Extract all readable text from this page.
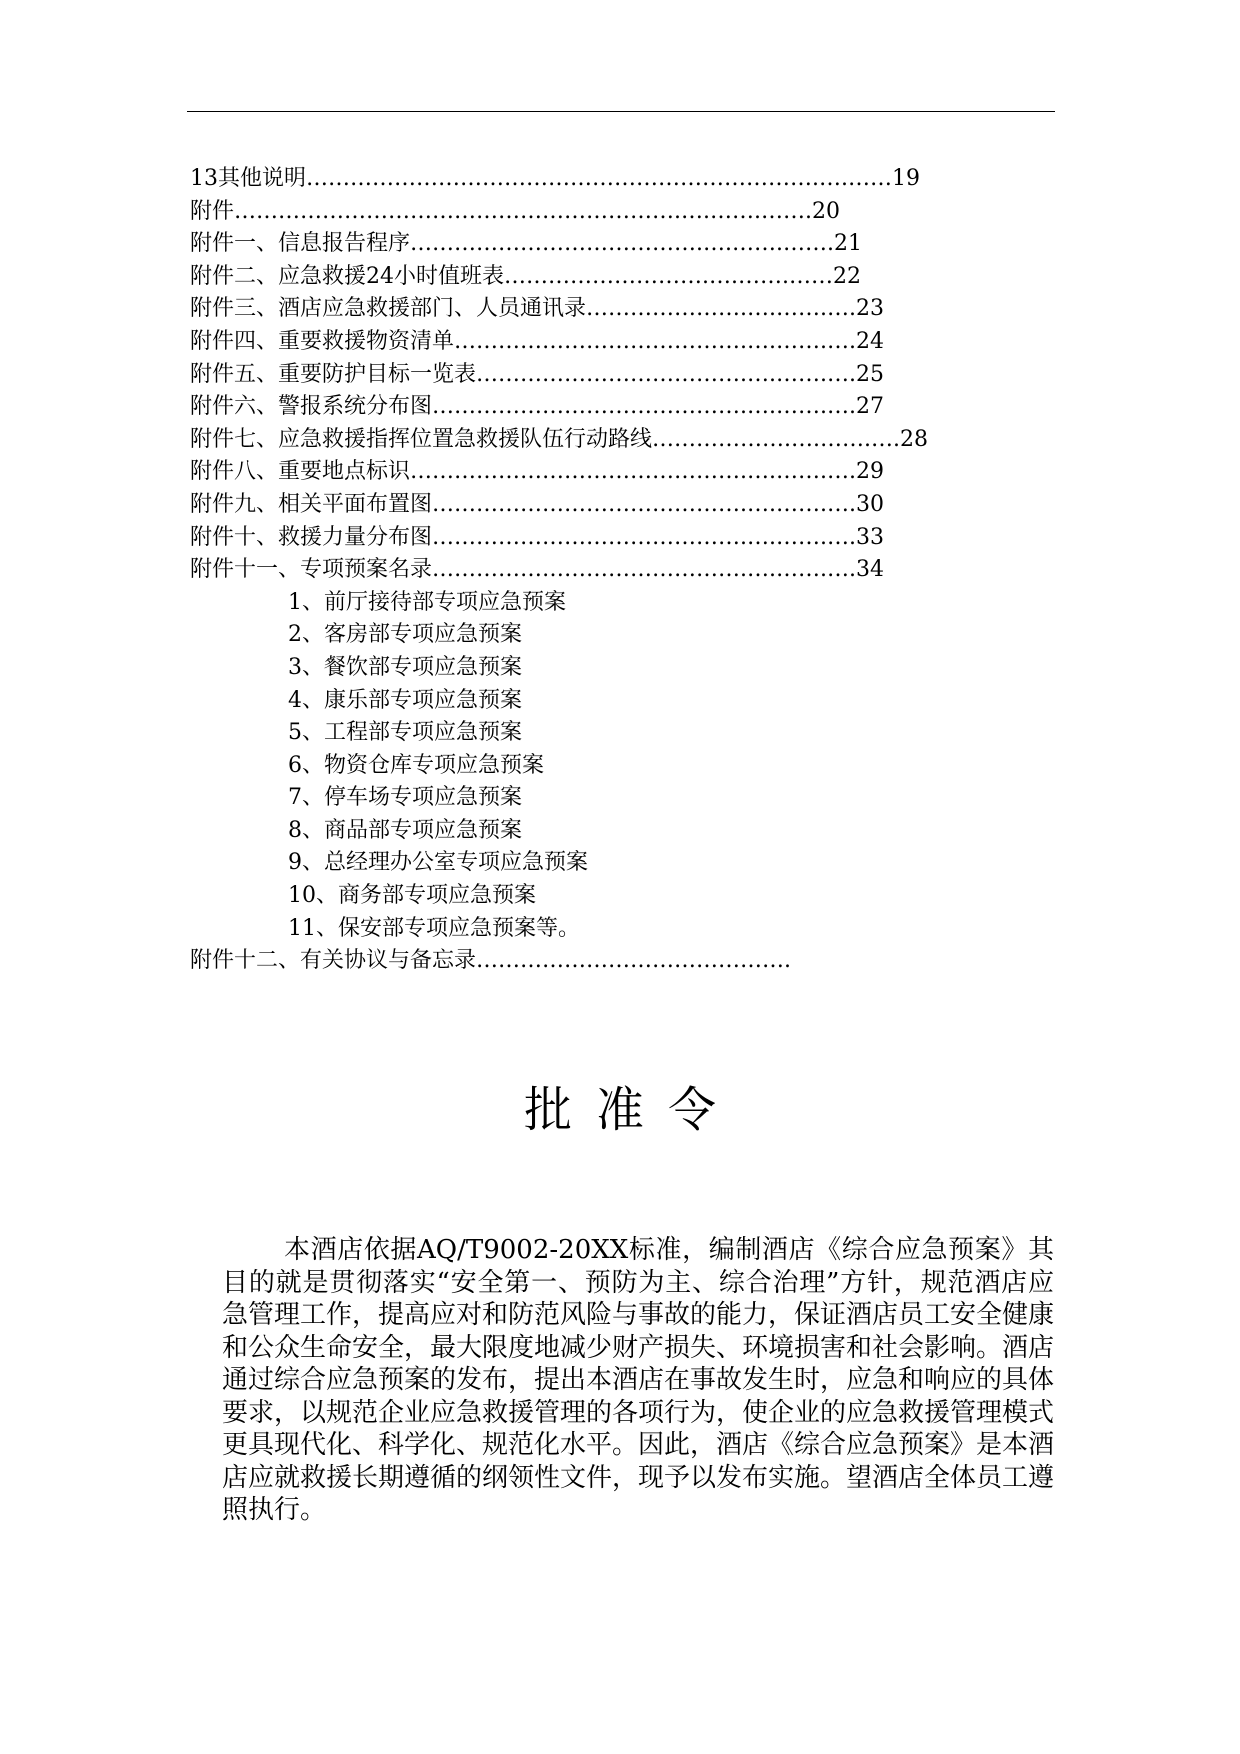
13其他说明…………………………………………………………….….……19
附件…………………………………………………….….…….…….20
附件一、信息报告程序………………………………….….…….…….21
附件二、应急救援24小时值班表……………………….….…….……22
附件三、酒店应急救援部门、人员通讯录………………….….…….….23
附件四、重要救援物资清单………………………………….….…….….24
附件五、重要防护目标一览表……………………………….….…….….25
附件六、警报系统分布图…………………………………….….…….….27
附件七、应急救援指挥位置急救援队伍行动路线……………….….…….….28
附件八、重要地点标识……………………………………….….…….….29
附件九、相关平面布置图…………………………………….….…….….30
附件十、救援力量分布图…………………………………….….…….….33
附件十一、专项预案名录…………………………………….….…….….34
1、前厅接待部专项应急预案
2、客房部专项应急预案
3、餐饮部专项应急预案
4、康乐部专项应急预案
5、工程部专项应急预案
6、物资仓库专项应急预案
7、停车场专项应急预案
8、商品部专项应急预案
9、总经理办公室专项应急预案
10、商务部专项应急预案
11、保安部专项应急预案等。
附件十二、有关协议与备忘录…………………………………….
批准令

本酒店依据AQ/T9002-20XX标准，编制酒店《综合应急预案》其目的就是贯彻落实“安全第一、预防为主、综合治理”方针，规范酒店应急管理工作，提高应对和防范风险与事故的能力，保证酒店员工安全健康和公众生命安全，最大限度地减少财产损失、环境损害和社会影响。酒店通过综合应急预案的发布，提出本酒店在事故发生时，应急和响应的具体要求，以规范企业应急救援管理的各项行为，使企业的应急救援管理模式更具现代化、科学化、规范化水平。因此，酒店《综合应急预案》是本酒店应就救援长期遵循的纲领性文件，现予以发布实施。望酒店全体员工遵照执行。
